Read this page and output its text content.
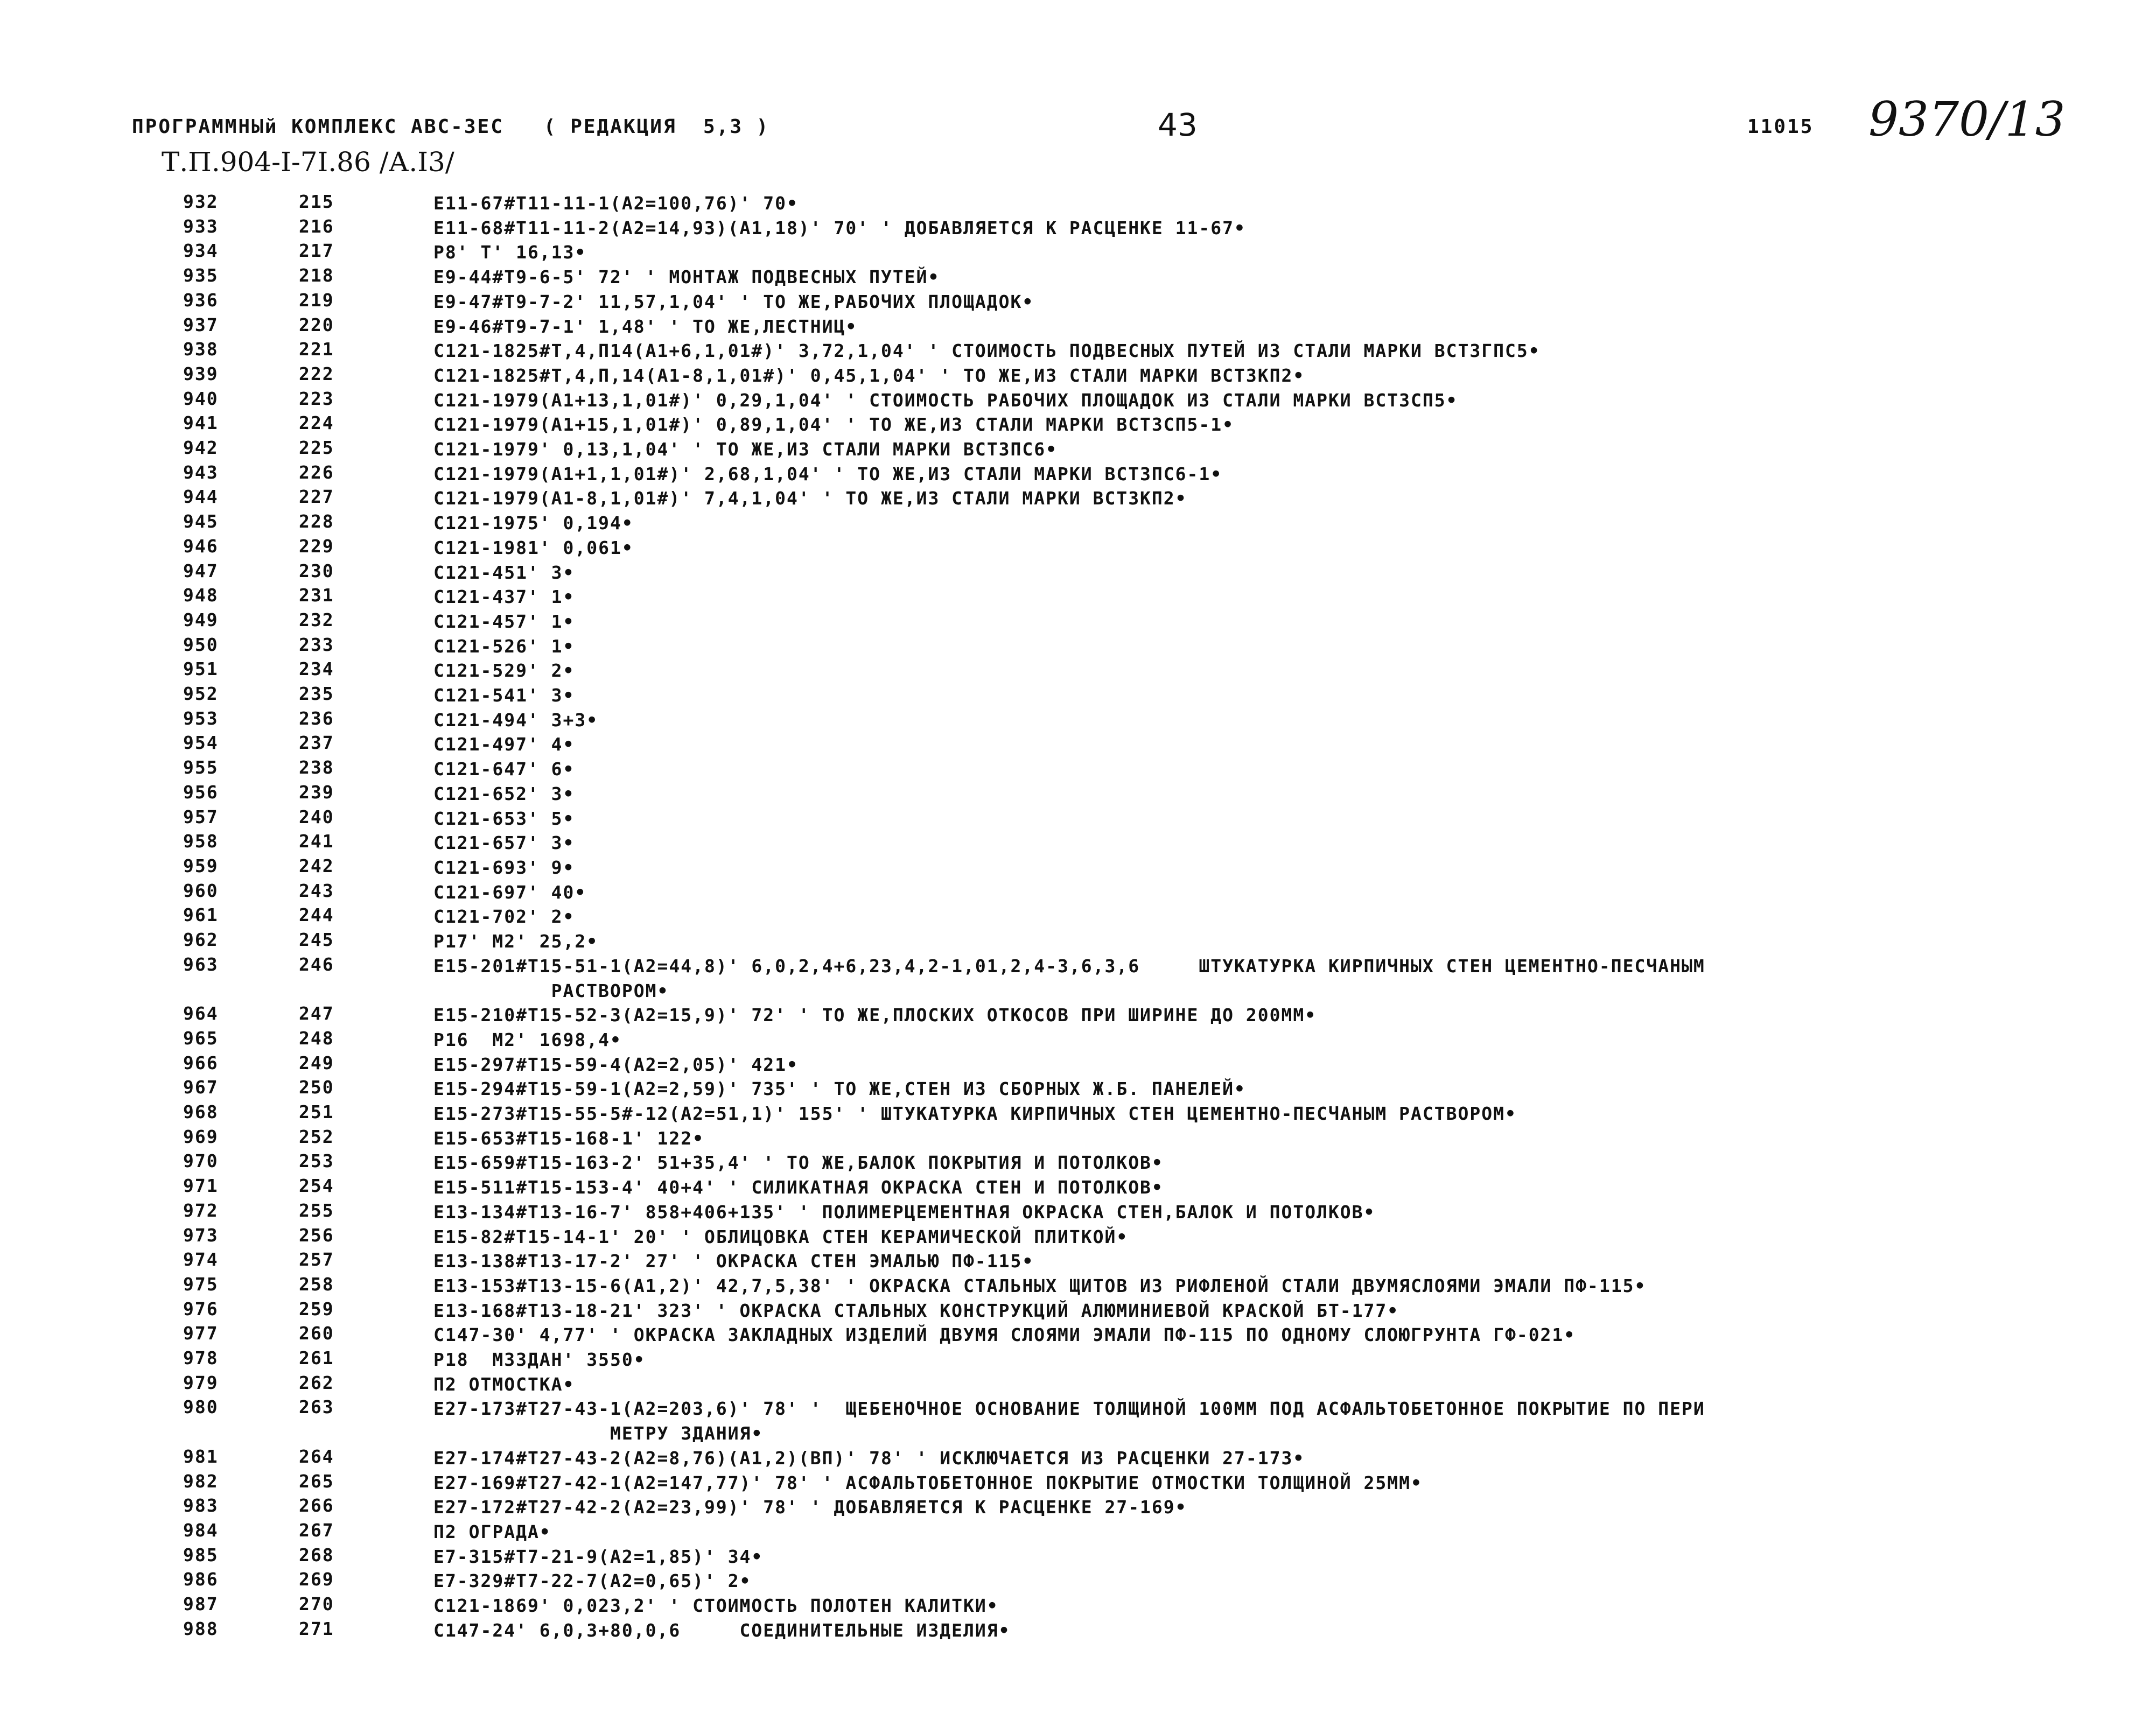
ПРОГРАММНЫй КОМПЛЕКС АВС-ЗЕС   ( РЕДАКЦИЯ  5,3 )	43	11015 9370/13
Т.П.904-I-7I.86 /А.I3/
932	215	Е11-67#Т11-11-1(А2=100,76)' 70•
933	216	Е11-68#Т11-11-2(А2=14,93)(А1,18)' 70' ' ДОБАВЛЯЕТСЯ К РАСЦЕНКЕ 11-67•
934	217	Р8' Т' 16,13•
935	218	Е9-44#Т9-6-5' 72' ' МОНТАЖ ПОДВЕСНЫХ ПУТЕЙ•
936	219	Е9-47#Т9-7-2' 11,57,1,04' ' ТО ЖЕ,РАБОЧИХ ПЛОЩАДОК•
937	220	Е9-46#Т9-7-1' 1,48' ' ТО ЖЕ,ЛЕСТНИЦ•
938	221	С121-1825#Т,4,П14(А1+6,1,01#)' 3,72,1,04' ' СТОИМОСТЬ ПОДВЕСНЫХ ПУТЕЙ ИЗ СТАЛИ МАРКИ ВСТ3ГПС5•
939	222	С121-1825#Т,4,П,14(А1-8,1,01#)' 0,45,1,04' ' ТО ЖЕ,ИЗ СТАЛИ МАРКИ ВСТ3КП2•
940	223	С121-1979(А1+13,1,01#)' 0,29,1,04' ' СТОИМОСТЬ РАБОЧИХ ПЛОЩАДОК ИЗ СТАЛИ МАРКИ ВСТ3СП5•
941	224	С121-1979(А1+15,1,01#)' 0,89,1,04' ' ТО ЖЕ,ИЗ СТАЛИ МАРКИ ВСТ3СП5-1•
942	225	С121-1979' 0,13,1,04' ' ТО ЖЕ,ИЗ СТАЛИ МАРКИ ВСТ3ПС6•
943	226	С121-1979(А1+1,1,01#)' 2,68,1,04' ' ТО ЖЕ,ИЗ СТАЛИ МАРКИ ВСТ3ПС6-1•
944	227	С121-1979(А1-8,1,01#)' 7,4,1,04' ' ТО ЖЕ,ИЗ СТАЛИ МАРКИ ВСТ3КП2•
945	228	С121-1975' 0,194•
946	229	С121-1981' 0,061•
947	230	С121-451' 3•
948	231	С121-437' 1•
949	232	С121-457' 1•
950	233	С121-526' 1•
951	234	С121-529' 2•
952	235	С121-541' 3•
953	236	С121-494' 3+3•
954	237	С121-497' 4•
955	238	С121-647' 6•
956	239	С121-652' 3•
957	240	С121-653' 5•
958	241	С121-657' 3•
959	242	С121-693' 9•
960	243	С121-697' 40•
961	244	С121-702' 2•
962	245	Р17' М2' 25,2•
963	246	Е15-201#Т15-51-1(А2=44,8)' 6,0,2,4+6,23,4,2-1,01,2,4-3,6,3,6     ШТУКАТУРКА КИРПИЧНЫХ СТЕН ЦЕМЕНТНО-ПЕСЧАНЫМ
РАСТВОРОМ•
964	247	Е15-210#Т15-52-3(А2=15,9)' 72' ' ТО ЖЕ,ПЛОСКИХ ОТКОСОВ ПРИ ШИРИНЕ ДО 200ММ•
965	248	Р16  М2' 1698,4•
966	249	Е15-297#Т15-59-4(А2=2,05)' 421•
967	250	Е15-294#Т15-59-1(А2=2,59)' 735' ' ТО ЖЕ,СТЕН ИЗ СБОРНЫХ Ж.Б. ПАНЕЛЕЙ•
968	251	Е15-273#Т15-55-5#-12(А2=51,1)' 155' ' ШТУКАТУРКА КИРПИЧНЫХ СТЕН ЦЕМЕНТНО-ПЕСЧАНЫМ РАСТВОРОМ•
969	252	Е15-653#Т15-168-1' 122•
970	253	Е15-659#Т15-163-2' 51+35,4' ' ТО ЖЕ,БАЛОК ПОКРЫТИЯ И ПОТОЛКОВ•
971	254	Е15-511#Т15-153-4' 40+4' ' СИЛИКАТНАЯ ОКРАСКА СТЕН И ПОТОЛКОВ•
972	255	Е13-134#Т13-16-7' 858+406+135' ' ПОЛИМЕРЦЕМЕНТНАЯ ОКРАСКА СТЕН,БАЛОК И ПОТОЛКОВ•
973	256	Е15-82#Т15-14-1' 20' ' ОБЛИЦОВКА СТЕН КЕРАМИЧЕСКОЙ ПЛИТКОЙ•
974	257	Е13-138#Т13-17-2' 27' ' ОКРАСКА СТЕН ЭМАЛЬЮ ПФ-115•
975	258	Е13-153#Т13-15-6(А1,2)' 42,7,5,38' ' ОКРАСКА СТАЛЬНЫХ ЩИТОВ ИЗ РИФЛЕНОЙ СТАЛИ ДВУМЯСЛОЯМИ ЭМАЛИ ПФ-115•
976	259	Е13-168#Т13-18-21' 323' ' ОКРАСКА СТАЛЬНЫХ КОНСТРУКЦИЙ АЛЮМИНИЕВОЙ КРАСКОЙ БТ-177•
977	260	С147-30' 4,77' ' ОКРАСКА ЗАКЛАДНЫХ ИЗДЕЛИЙ ДВУМЯ СЛОЯМИ ЭМАЛИ ПФ-115 ПО ОДНОМУ СЛОЮГРУНТА ГФ-021•
978	261	Р18  МЗЗДАН' 3550•
979	262	П2 ОТМОСТКА•
980	263	Е27-173#Т27-43-1(А2=203,6)' 78' '  ЩЕБЕНОЧНОЕ ОСНОВАНИЕ ТОЛЩИНОЙ 100ММ ПОД АСФАЛЬТОБЕТОННОЕ ПОКРЫТИЕ ПО ПЕРИ
МЕТРУ ЗДАНИЯ•
981	264	Е27-174#Т27-43-2(А2=8,76)(А1,2)(ВП)' 78' ' ИСКЛЮЧАЕТСЯ ИЗ РАСЦЕНКИ 27-173•
982	265	Е27-169#Т27-42-1(А2=147,77)' 78' ' АСФАЛЬТОБЕТОННОЕ ПОКРЫТИЕ ОТМОСТКИ ТОЛЩИНОЙ 25ММ•
983	266	Е27-172#Т27-42-2(А2=23,99)' 78' ' ДОБАВЛЯЕТСЯ К РАСЦЕНКЕ 27-169•
984	267	П2 ОГРАДА•
985	268	Е7-315#Т7-21-9(А2=1,85)' 34•
986	269	Е7-329#Т7-22-7(А2=0,65)' 2•
987	270	С121-1869' 0,023,2' ' СТОИМОСТЬ ПОЛОТЕН КАЛИТКИ•
988	271	С147-24' 6,0,3+80,0,6     СОЕДИНИТЕЛЬНЫЕ ИЗДЕЛИЯ•
